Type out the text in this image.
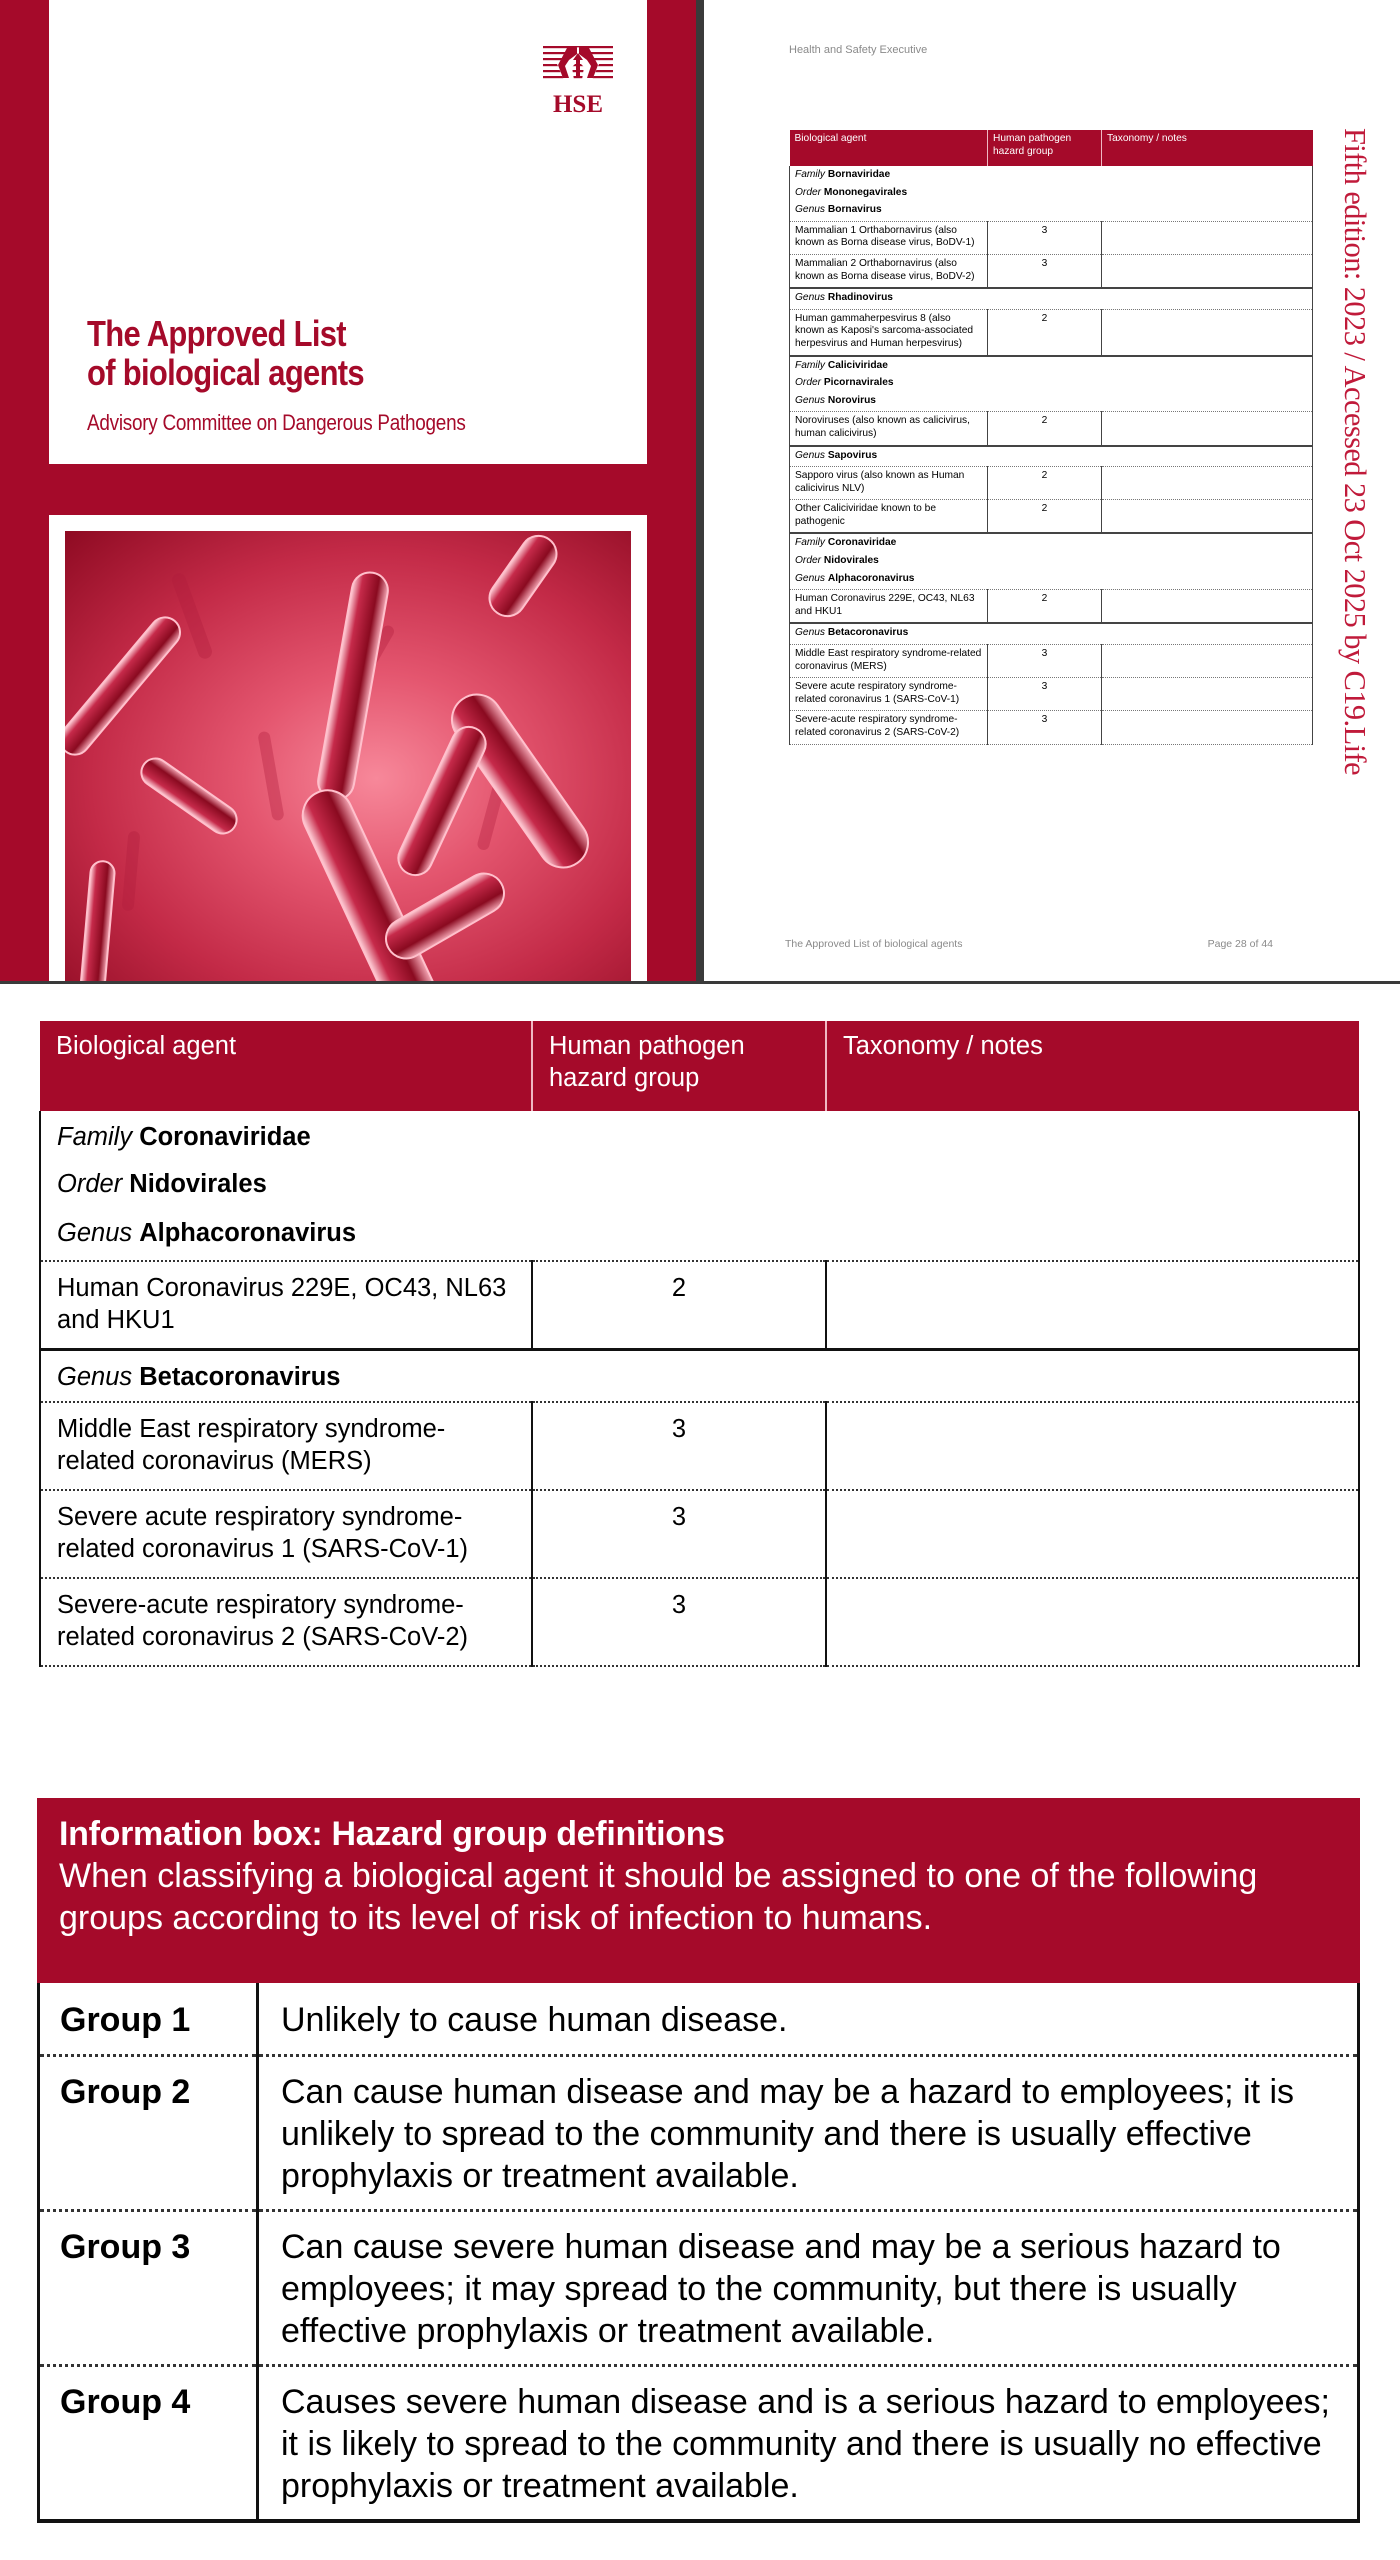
HSE
The Approved List
of biological agents
Advisory Committee on Dangerous Pathogens
Health and Safety Executive
Biological agent	Human pathogen hazard group	Taxonomy / notes
Family Bornaviridae		
Order Mononegavirales		
Genus Bornavirus		
Mammalian 1 Orthabornavirus (also known as Borna disease virus, BoDV-1)	3	
Mammalian 2 Orthabornavirus (also known as Borna disease virus, BoDV-2)	3	
Genus Rhadinovirus		
Human gammaherpesvirus 8 (also known as Kaposi's sarcoma-associated herpesvirus and Human herpesvirus)	2	
Family Caliciviridae		
Order Picornavirales		
Genus Norovirus		
Noroviruses (also known as calicivirus, human calicivirus)	2	
Genus Sapovirus		
Sapporo virus (also known as Human calicivirus NLV)	2	
Other Caliciviridae known to be pathogenic	2	
Family Coronaviridae		
Order Nidovirales		
Genus Alphacoronavirus		
Human Coronavirus 229E, OC43, NL63 and HKU1	2	
Genus Betacoronavirus		
Middle East respiratory syndrome-related coronavirus (MERS)	3	
Severe acute respiratory syndrome-related coronavirus 1 (SARS-CoV-1)	3	
Severe-acute respiratory syndrome-related coronavirus 2 (SARS-CoV-2)	3	
The Approved List of biological agents	Page 28 of 44
Fifth edition: 2023 / Accessed 23 Oct 2025 by C19.Life
Biological agent	Human pathogen hazard group	Taxonomy / notes
Family Coronaviridae		
Order Nidovirales		
Genus Alphacoronavirus		
Human Coronavirus 229E, OC43, NL63 and HKU1	2	
Genus Betacoronavirus		
Middle East respiratory syndrome-related coronavirus (MERS)	3	
Severe acute respiratory syndrome-related coronavirus 1 (SARS-CoV-1)	3	
Severe-acute respiratory syndrome-related coronavirus 2 (SARS-CoV-2)	3	
Information box: Hazard group definitions
When classifying a biological agent it should be assigned to one of the following groups according to its level of risk of infection to humans.
Group 1	Unlikely to cause human disease.
Group 2	Can cause human disease and may be a hazard to employees; it is unlikely to spread to the community and there is usually effective prophylaxis or treatment available.
Group 3	Can cause severe human disease and may be a serious hazard to employees; it may spread to the community, but there is usually effective prophylaxis or treatment available.
Group 4	Causes severe human disease and is a serious hazard to employees; it is likely to spread to the community and there is usually no effective prophylaxis or treatment available.
